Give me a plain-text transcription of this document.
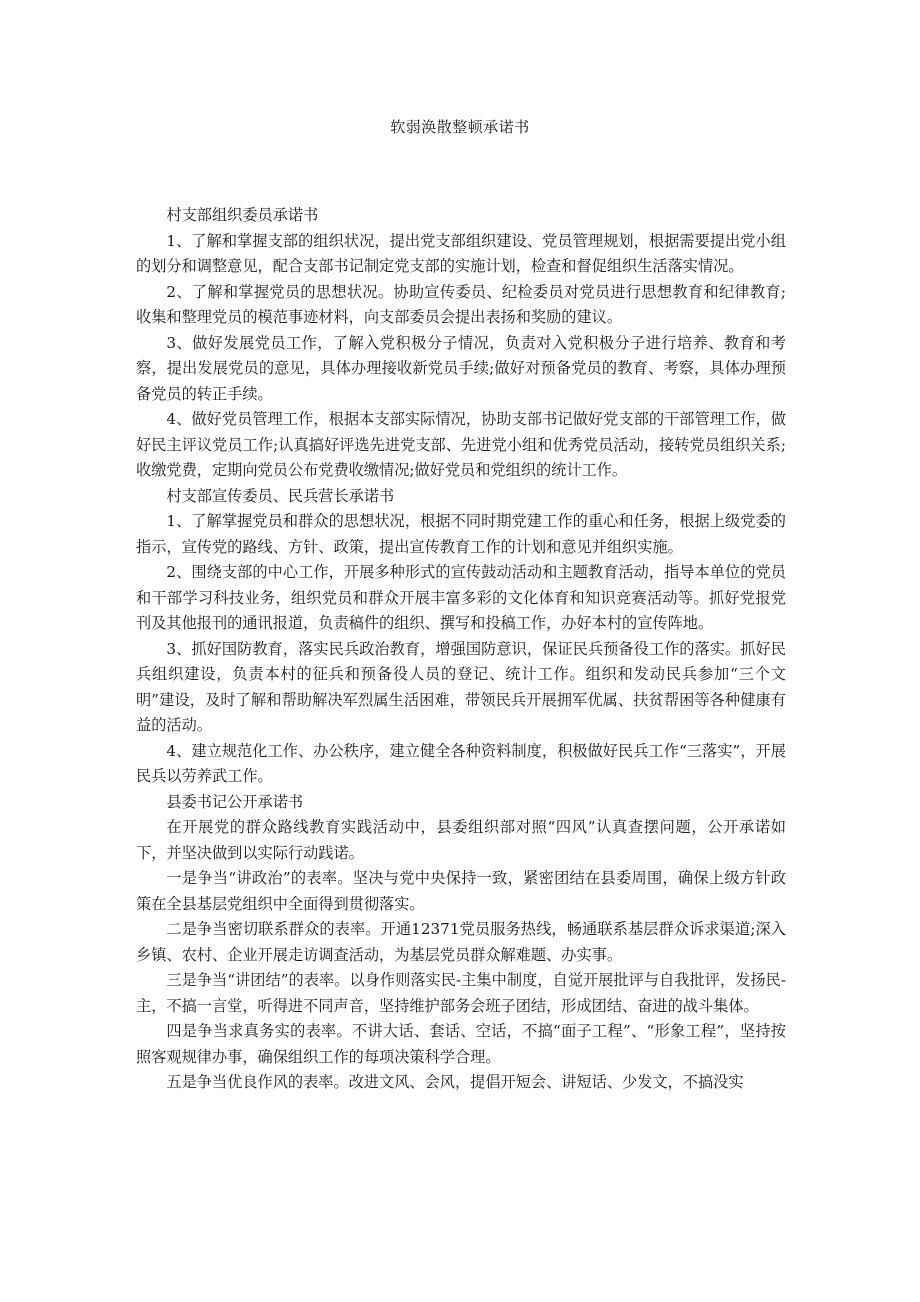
软弱涣散整顿承诺书

村支部组织委员承诺书

1、了解和掌握支部的组织状况，提出党支部组织建设、党员管理规划，根据需要提出党小组的划分和调整意见，配合支部书记制定党支部的实施计划，检查和督促组织生活落实情况。

2、了解和掌握党员的思想状况。协助宣传委员、纪检委员对党员进行思想教育和纪律教育;收集和整理党员的模范事迹材料，向支部委员会提出表扬和奖励的建议。

3、做好发展党员工作，了解入党积极分子情况，负责对入党积极分子进行培养、教育和考察，提出发展党员的意见，具体办理接收新党员手续;做好对预备党员的教育、考察，具体办理预备党员的转正手续。

4、做好党员管理工作，根据本支部实际情况，协助支部书记做好党支部的干部管理工作，做好民主评议党员工作;认真搞好评选先进党支部、先进党小组和优秀党员活动，接转党员组织关系;收缴党费，定期向党员公布党费收缴情况;做好党员和党组织的统计工作。

村支部宣传委员、民兵营长承诺书

1、了解掌握党员和群众的思想状况，根据不同时期党建工作的重心和任务，根据上级党委的指示，宣传党的路线、方针、政策，提出宣传教育工作的计划和意见并组织实施。

2、围绕支部的中心工作，开展多种形式的宣传鼓动活动和主题教育活动，指导本单位的党员和干部学习科技业务，组织党员和群众开展丰富多彩的文化体育和知识竞赛活动等。抓好党报党刊及其他报刊的通讯报道，负责稿件的组织、撰写和投稿工作，办好本村的宣传阵地。

3、抓好国防教育，落实民兵政治教育，增强国防意识，保证民兵预备役工作的落实。抓好民兵组织建设，负责本村的征兵和预备役人员的登记、统计工作。组织和发动民兵参加“三个文明”建设，及时了解和帮助解决军烈属生活困难，带领民兵开展拥军优属、扶贫帮困等各种健康有益的活动。

4、建立规范化工作、办公秩序，建立健全各种资料制度，积极做好民兵工作“三落实”，开展民兵以劳养武工作。

县委书记公开承诺书

在开展党的群众路线教育实践活动中，县委组织部对照“四风”认真查摆问题，公开承诺如下，并坚决做到以实际行动践诺。

一是争当“讲政治”的表率。坚决与党中央保持一致，紧密团结在县委周围，确保上级方针政策在全县基层党组织中全面得到贯彻落实。

二是争当密切联系群众的表率。开通12371党员服务热线，畅通联系基层群众诉求渠道;深入乡镇、农村、企业开展走访调查活动，为基层党员群众解难题、办实事。

三是争当“讲团结”的表率。以身作则落实民-主集中制度，自觉开展批评与自我批评，发扬民-主，不搞一言堂，听得进不同声音，坚持维护部务会班子团结，形成团结、奋进的战斗集体。

四是争当求真务实的表率。不讲大话、套话、空话，不搞“面子工程”、“形象工程”，坚持按照客观规律办事，确保组织工作的每项决策科学合理。

五是争当优良作风的表率。改进文风、会风，提倡开短会、讲短话、少发文，不搞没实
